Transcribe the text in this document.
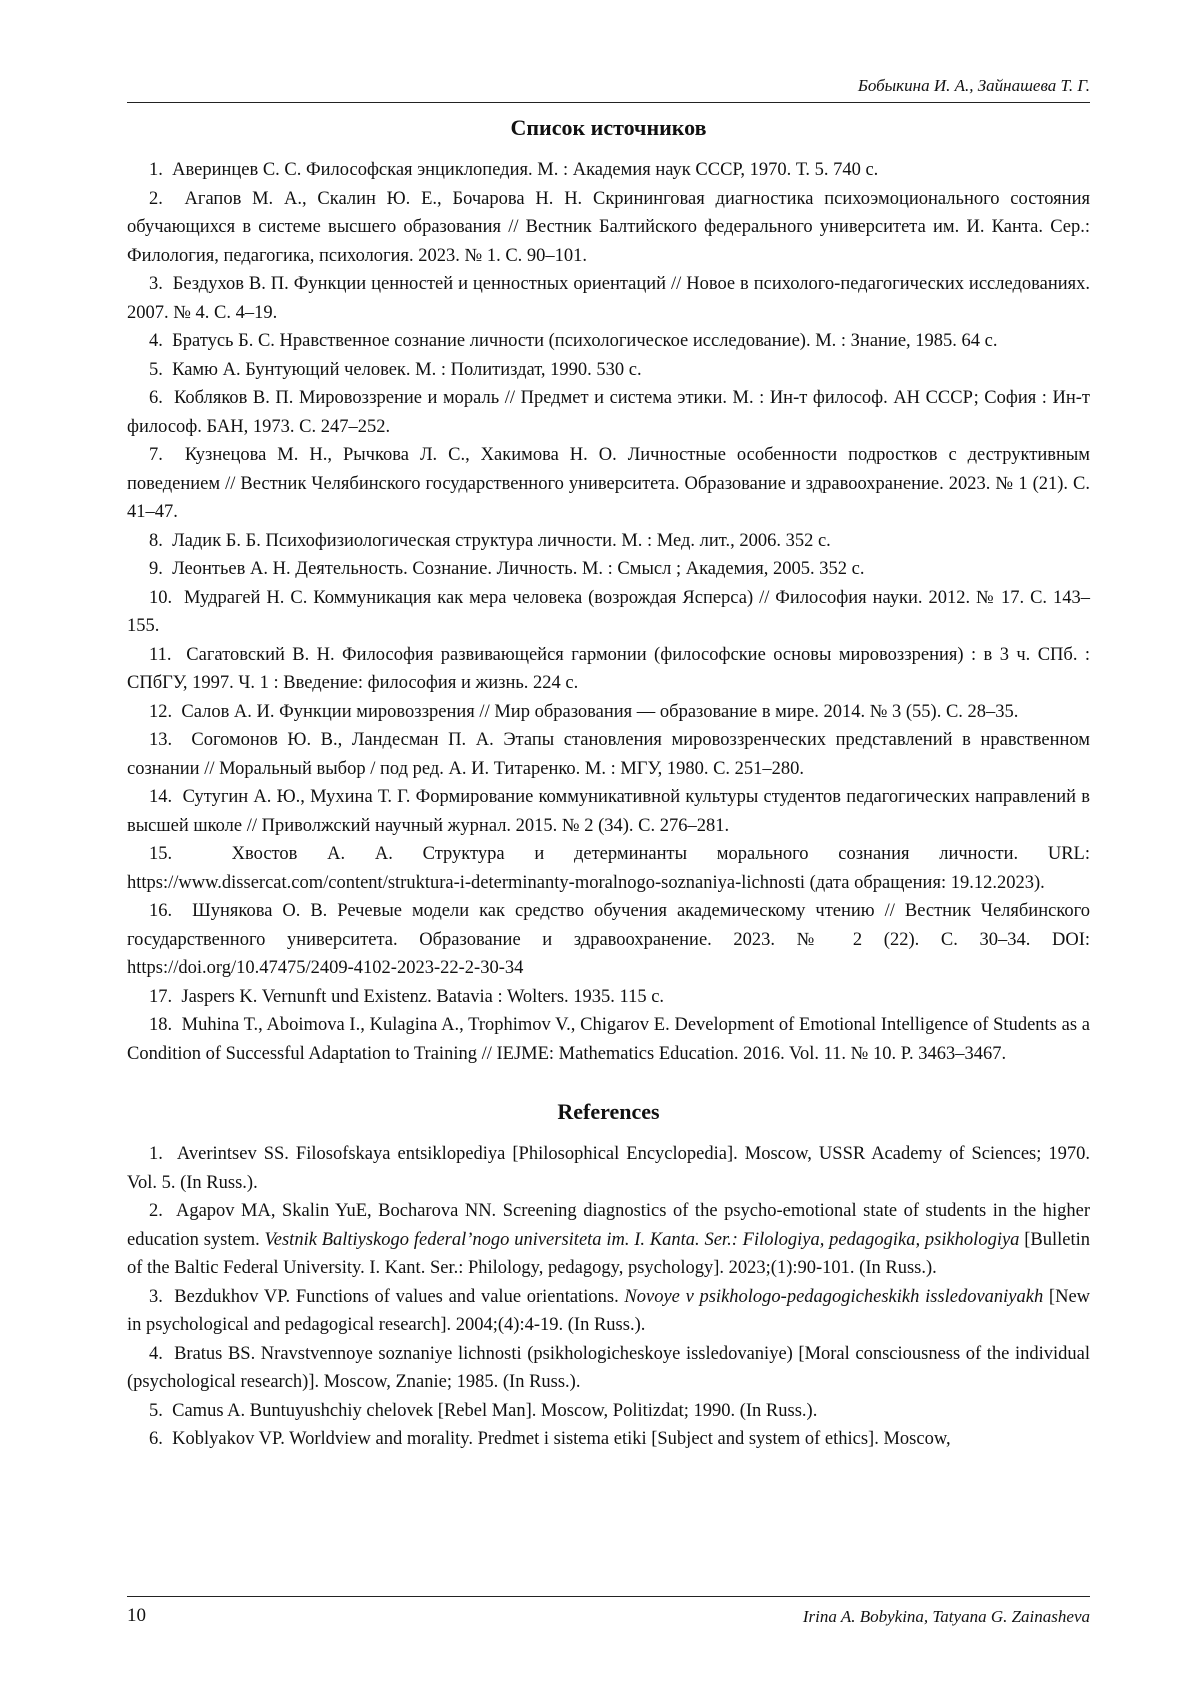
Бобыкина И. А., Зайнашева Т. Г.
Список источников

1. Аверинцев С. С. Философская энциклопедия. М. : Академия наук СССР, 1970. Т. 5. 740 с.

2. Агапов М. А., Скалин Ю. Е., Бочарова Н. Н. Скрининговая диагностика психоэмоционального состояния обучающихся в системе высшего образования // Вестник Балтийского федерального университета им. И. Канта. Сер.: Филология, педагогика, психология. 2023. № 1. С. 90–101.

3. Бездухов В. П. Функции ценностей и ценностных ориентаций // Новое в психолого-педагогических исследованиях. 2007. № 4. С. 4–19.

4. Братусь Б. С. Нравственное сознание личности (психологическое исследование). М. : Знание, 1985. 64 с.

5. Камю А. Бунтующий человек. М. : Политиздат, 1990. 530 с.

6. Кобляков В. П. Мировоззрение и мораль // Предмет и система этики. М. : Ин-т философ. АН СССР; София : Ин-т философ. БАН, 1973. С. 247–252.

7. Кузнецова М. Н., Рычкова Л. С., Хакимова Н. О. Личностные особенности подростков с деструктивным поведением // Вестник Челябинского государственного университета. Образование и здравоохранение. 2023. № 1 (21). С. 41–47.

8. Ладик Б. Б. Психофизиологическая структура личности. М. : Мед. лит., 2006. 352 с.

9. Леонтьев А. Н. Деятельность. Сознание. Личность. М. : Смысл ; Академия, 2005. 352 с.

10. Мудрагей Н. С. Коммуникация как мера человека (возрождая Ясперса) // Философия науки. 2012. № 17. С. 143–155.

11. Сагатовский В. Н. Философия развивающейся гармонии (философские основы мировоззрения) : в 3 ч. СПб. : СПбГУ, 1997. Ч. 1 : Введение: философия и жизнь. 224 с.

12. Салов А. И. Функции мировоззрения // Мир образования — образование в мире. 2014. № 3 (55). С. 28–35.

13. Согомонов Ю. В., Ландесман П. А. Этапы становления мировоззренческих представлений в нравственном сознании // Моральный выбор / под ред. А. И. Титаренко. М. : МГУ, 1980. С. 251–280.

14. Сутугин А. Ю., Мухина Т. Г. Формирование коммуникативной культуры студентов педагогических направлений в высшей школе // Приволжский научный журнал. 2015. № 2 (34). С. 276–281.

15.	Хвостов А. А. Структура и детерминанты морального сознания личности. URL: https://www.dissercat.com/content/struktura-i-determinanty-moralnogo-soznaniya-lichnosti (дата обращения: 19.12.2023).

16. Шунякова О. В. Речевые модели как средство обучения академическому чтению // Вестник Челябинского государственного университета. Образование и здравоохранение. 2023. № 2 (22). С. 30–34. DOI: https://doi.org/10.47475/2409-4102-2023-22-2-30-34

17. Jaspers K. Vernunft und Existenz. Batavia : Wolters. 1935. 115 c.

18. Muhina T., Aboimova I., Kulagina A., Trophimov V., Chigarov E. Development of Emotional Intelligence of Students as a Condition of Successful Adaptation to Training // IEJME: Mathematics Education. 2016. Vol. 11. № 10. P. 3463–3467.

References

1. Averintsev SS. Filosofskaya entsiklopediya [Philosophical Encyclopedia]. Moscow, USSR Academy of Sciences; 1970. Vol. 5. (In Russ.).

2. Agapov MA, Skalin YuE, Bocharova NN. Screening diagnostics of the psycho-emotional state of students in the higher education system. Vestnik Baltiyskogo federal’nogo universiteta im. I. Kanta. Ser.: Filologiya, pedagogika, psikhologiya [Bulletin of the Baltic Federal University. I. Kant. Ser.: Philology, pedagogy, psychology]. 2023;(1):90-101. (In Russ.).

3. Bezdukhov VP. Functions of values and value orientations. Novoye v psikhologo-pedagogicheskikh issledovaniyakh [New in psychological and pedagogical research]. 2004;(4):4-19. (In Russ.).

4. Bratus BS. Nravstvennoye soznaniye lichnosti (psikhologicheskoye issledovaniye) [Moral consciousness of the individual (psychological research)]. Moscow, Znanie; 1985. (In Russ.).

5. Camus A. Buntuyushchiy chelovek [Rebel Man]. Moscow, Politizdat; 1990. (In Russ.).

6. Koblyakov VP. Worldview and morality. Predmet i sistema etiki [Subject and system of ethics]. Moscow,

10	Irina A. Bobykina, Tatyana G. Zainasheva
